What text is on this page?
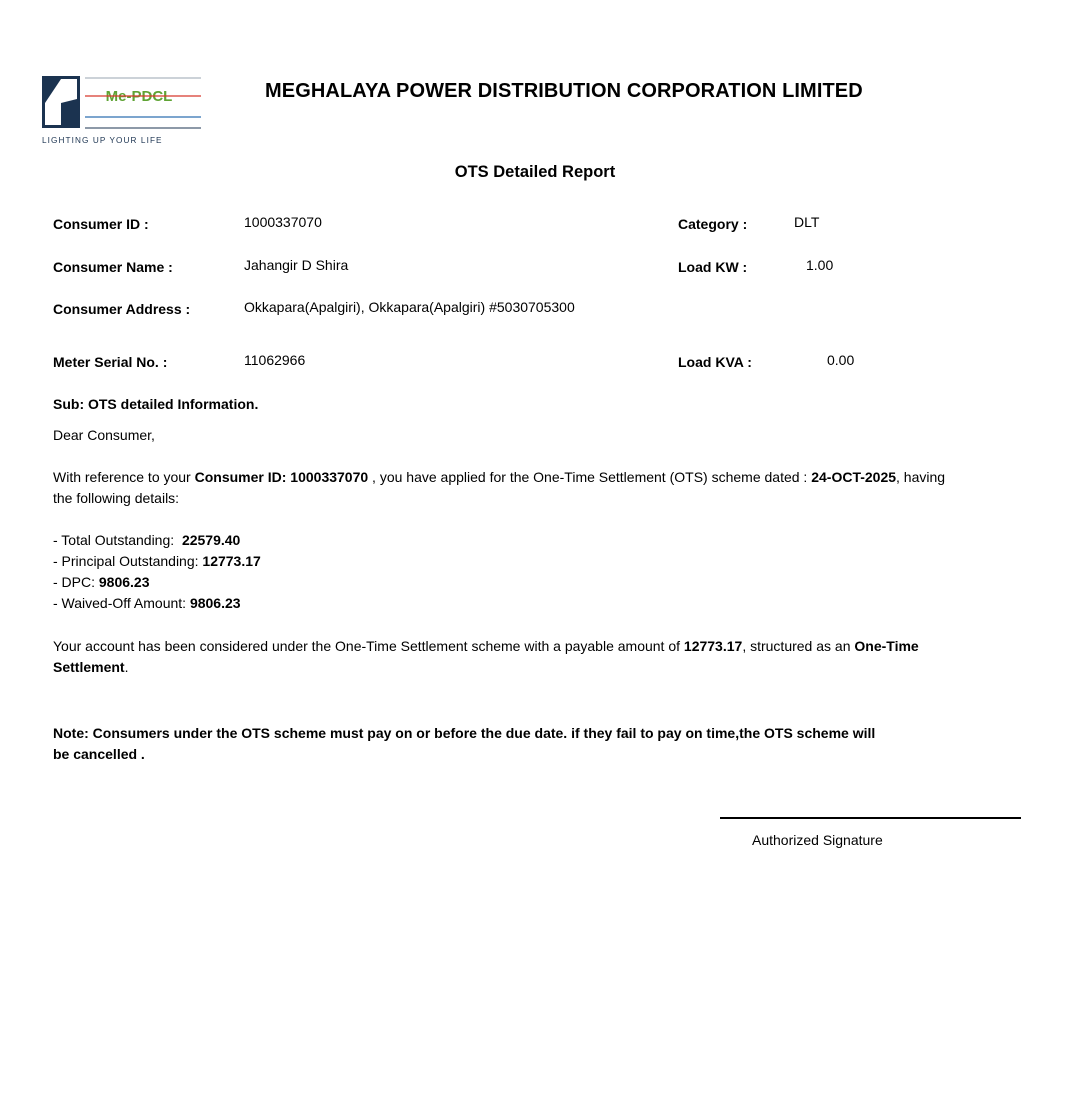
Me-PDCL
LIGHTING UP YOUR LIFE
MEGHALAYA POWER DISTRIBUTION CORPORATION LIMITED
OTS Detailed Report
Consumer ID :	1000337070	Category :	DLT
Consumer Name :	Jahangir D Shira	Load KW :	1.00
Consumer Address :	Okkapara(Apalgiri), Okkapara(Apalgiri) #5030705300
Meter Serial No. :	11062966	Load KVA :	0.00
Sub: OTS detailed Information.
Dear Consumer,
With reference to your Consumer ID: 1000337070 , you have applied for the One-Time Settlement (OTS) scheme dated : 24-OCT-2025, having the following details:
- Total Outstanding:  22579.40
- Principal Outstanding: 12773.17
- DPC: 9806.23
- Waived-Off Amount: 9806.23
Your account has been considered under the One-Time Settlement scheme with a payable amount of 12773.17, structured as an One-Time Settlement.
Note: Consumers under the OTS scheme must pay on or before the due date. if they fail to pay on time,the OTS scheme will be cancelled .
Authorized Signature
